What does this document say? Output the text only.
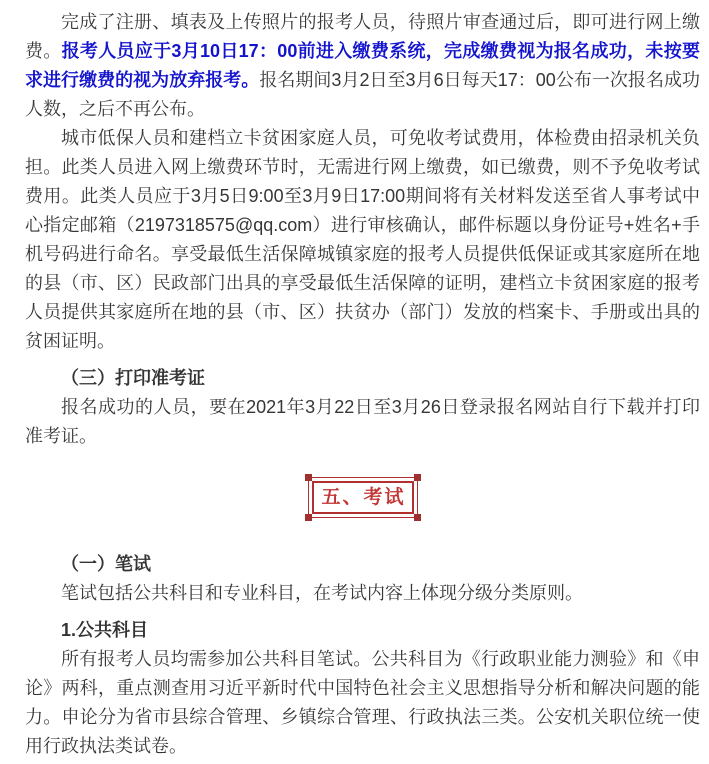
完成了注册、填表及上传照片的报考人员，待照片审查通过后，即可进行网上缴费。报考人员应于3月10日17：00前进入缴费系统，完成缴费视为报名成功，未按要求进行缴费的视为放弃报考。报名期间3月2日至3月6日每天17：00公布一次报名成功人数，之后不再公布。

城市低保人员和建档立卡贫困家庭人员，可免收考试费用，体检费由招录机关负担。此类人员进入网上缴费环节时，无需进行网上缴费，如已缴费，则不予免收考试费用。此类人员应于3月5日9:00至3月9日17:00期间将有关材料发送至省人事考试中心指定邮箱（2197318575@qq.com）进行审核确认，邮件标题以身份证号+姓名+手机号码进行命名。享受最低生活保障城镇家庭的报考人员提供低保证或其家庭所在地的县（市、区）民政部门出具的享受最低生活保障的证明，建档立卡贫困家庭的报考人员提供其家庭所在地的县（市、区）扶贫办（部门）发放的档案卡、手册或出具的贫困证明。

（三）打印准考证

报名成功的人员，要在2021年3月22日至3月26日登录报名网站自行下载并打印准考证。

五、考试

（一）笔试

笔试包括公共科目和专业科目，在考试内容上体现分级分类原则。

1.公共科目

所有报考人员均需参加公共科目笔试。公共科目为《行政职业能力测验》和《申论》两科，重点测查用习近平新时代中国特色社会主义思想指导分析和解决问题的能力。申论分为省市县综合管理、乡镇综合管理、行政执法三类。公安机关职位统一使用行政执法类试卷。
